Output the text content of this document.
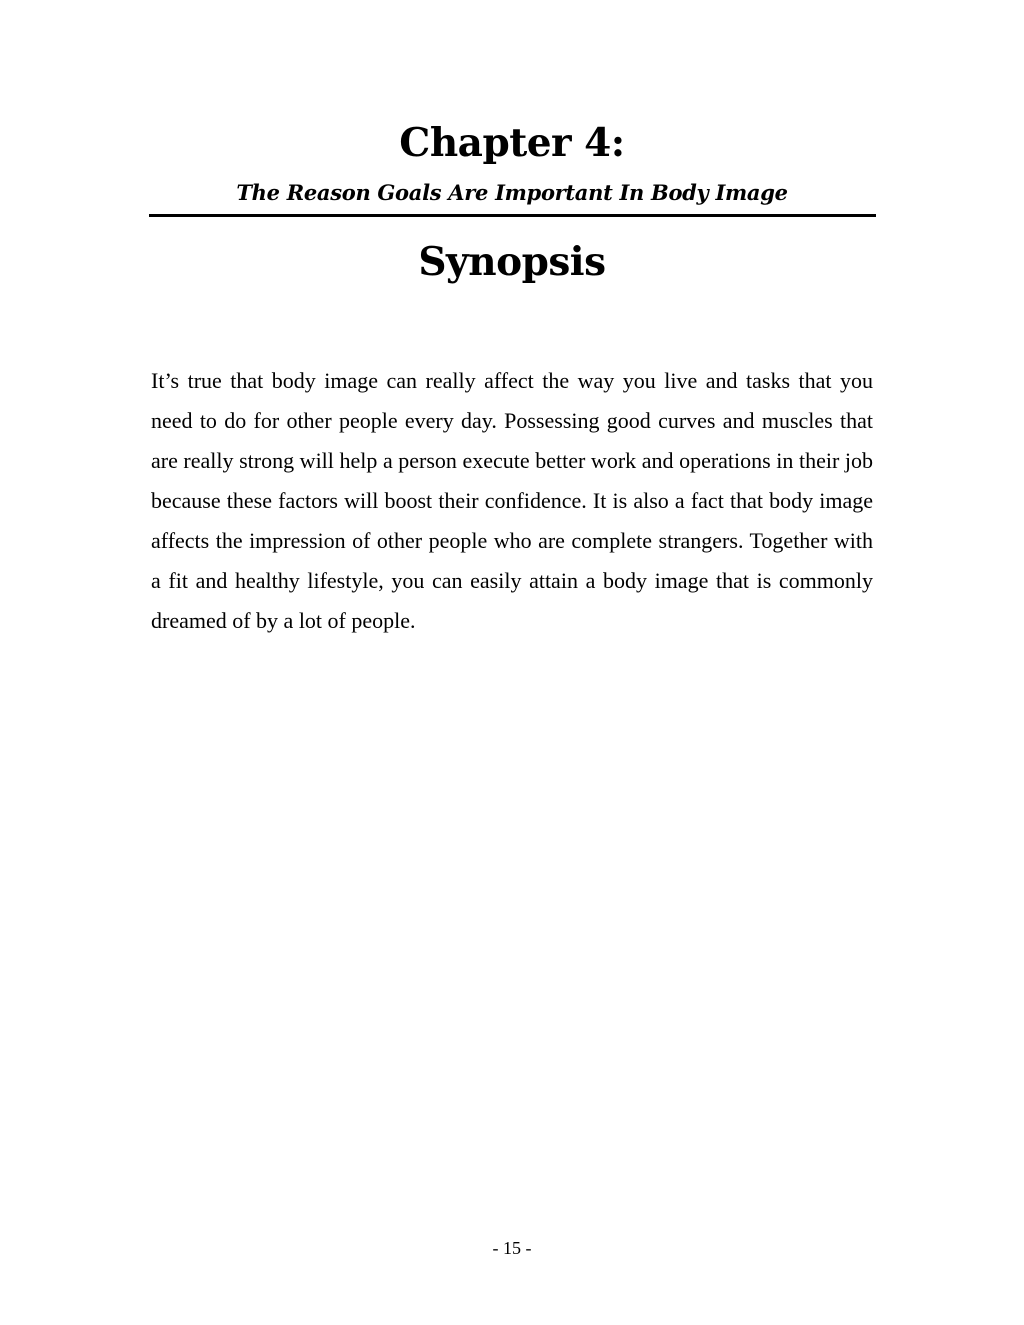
Chapter 4:
The Reason Goals Are Important In Body Image
Synopsis

It’s true that body image can really affect the way you live and tasks that you need to do for other people every day. Possessing good curves and muscles that are really strong will help a person execute better work and operations in their job because these factors will boost their confidence. It is also a fact that body image affects the impression of other people who are complete strangers. Together with a fit and healthy lifestyle, you can easily attain a body image that is commonly dreamed of by a lot of people.

- 15 -
